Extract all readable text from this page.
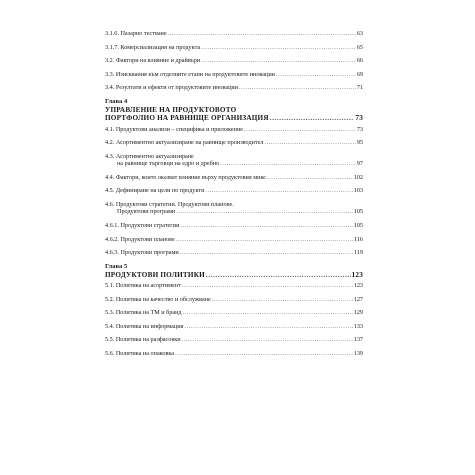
3.1.6. Пазарно тестване .....	63
3.1.7. Комерсиализация на продукта .....	65
3.2. Фактори на влияние и драйвъри .....	66
3.3. Изисквания към отделните етапи на продуктовите иновации .....	69
3.4. Резултати и ефекти от продуктовите иновации .....	71
Глава 4
УПРАВЛЕНИЕ НА ПРОДУКТОВОТО
ПОРТФОЛИО НА РАВНИЩЕ ОРГАНИЗАЦИЯ .....	73
4.1. Продуктови анализи – специфика и приложение .....	73
4.2. Асортиментно актуализиране на равнище производител .....	95
4.3. Асортиментно актуализиране
на равнище търговци на едро и дребно .....	97
4.4. Фактори, които оказват влияние върху продуктовия микс .....	102
4.5. Дефиниране на цели по продукти .....	103
4.6. Продуктови стратегии. Продуктови планове.
Продуктови програми .....	105
4.6.1. Продуктови стратегии .....	105
4.6.2. Продуктови планове .....	116
4.6.3. Продуктови програми .....	119
Глава 5
ПРОДУКТОВИ ПОЛИТИКИ .....	123
5.1. Политика на асортимент .....	123
5.2. Политика на качество и обслужване .....	127
5.3. Политика на ТМ и бранд .....	129
5.4. Политика на информация .....	133
5.5. Политика на разфасовки .....	137
5.6. Политика на опаковка .....	139
